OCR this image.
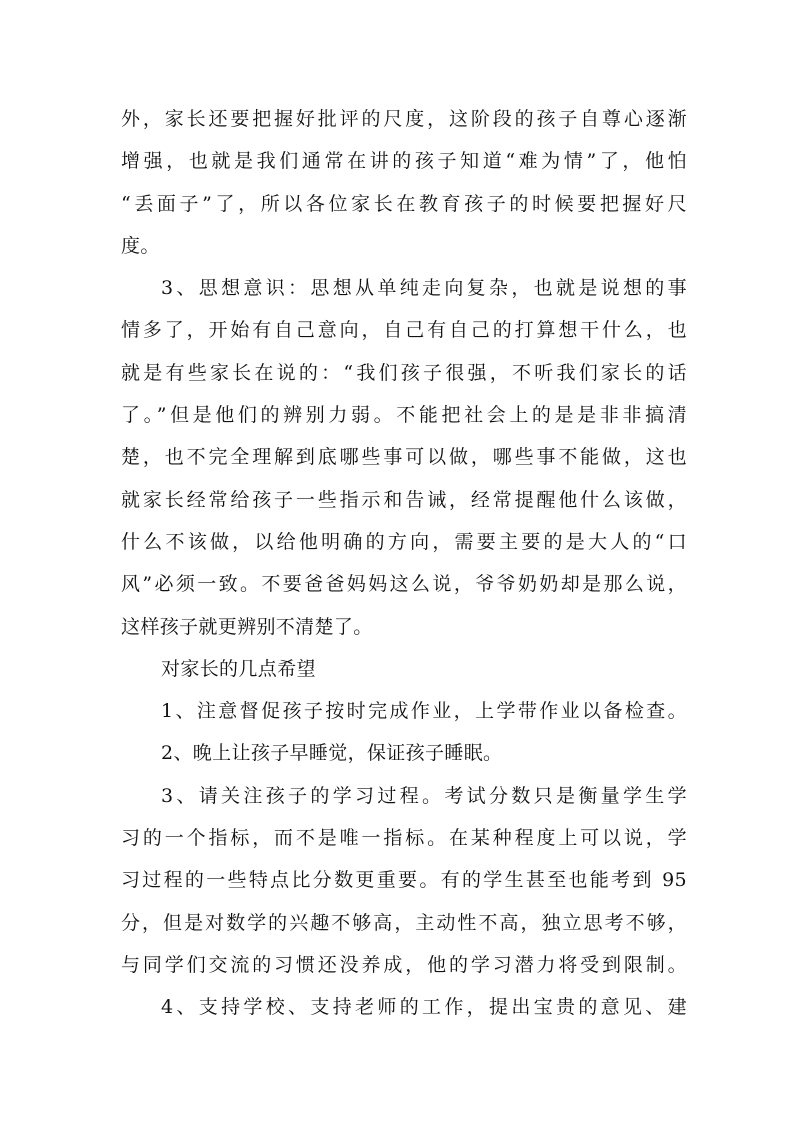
外，家长还要把握好批评的尺度，这阶段的孩子自尊心逐渐
增强，也就是我们通常在讲的孩子知道“难为情”了，他怕
“丢面子”了，所以各位家长在教育孩子的时候要把握好尺
度。
3、思想意识：思想从单纯走向复杂，也就是说想的事
情多了，开始有自己意向，自己有自己的打算想干什么，也
就是有些家长在说的：“我们孩子很强，不听我们家长的话
了。”但是他们的辨别力弱。不能把社会上的是是非非搞清
楚，也不完全理解到底哪些事可以做，哪些事不能做，这也
就家长经常给孩子一些指示和告诫，经常提醒他什么该做，
什么不该做，以给他明确的方向，需要主要的是大人的“口
风”必须一致。不要爸爸妈妈这么说，爷爷奶奶却是那么说，
这样孩子就更辨别不清楚了。
对家长的几点希望
1、注意督促孩子按时完成作业，上学带作业以备检查。
2、晚上让孩子早睡觉，保证孩子睡眠。
3、请关注孩子的学习过程。考试分数只是衡量学生学
习的一个指标，而不是唯一指标。在某种程度上可以说，学
习过程的一些特点比分数更重要。有的学生甚至也能考到 95
分，但是对数学的兴趣不够高，主动性不高，独立思考不够，
与同学们交流的习惯还没养成，他的学习潜力将受到限制。
4、支持学校、支持老师的工作，提出宝贵的意见、建
